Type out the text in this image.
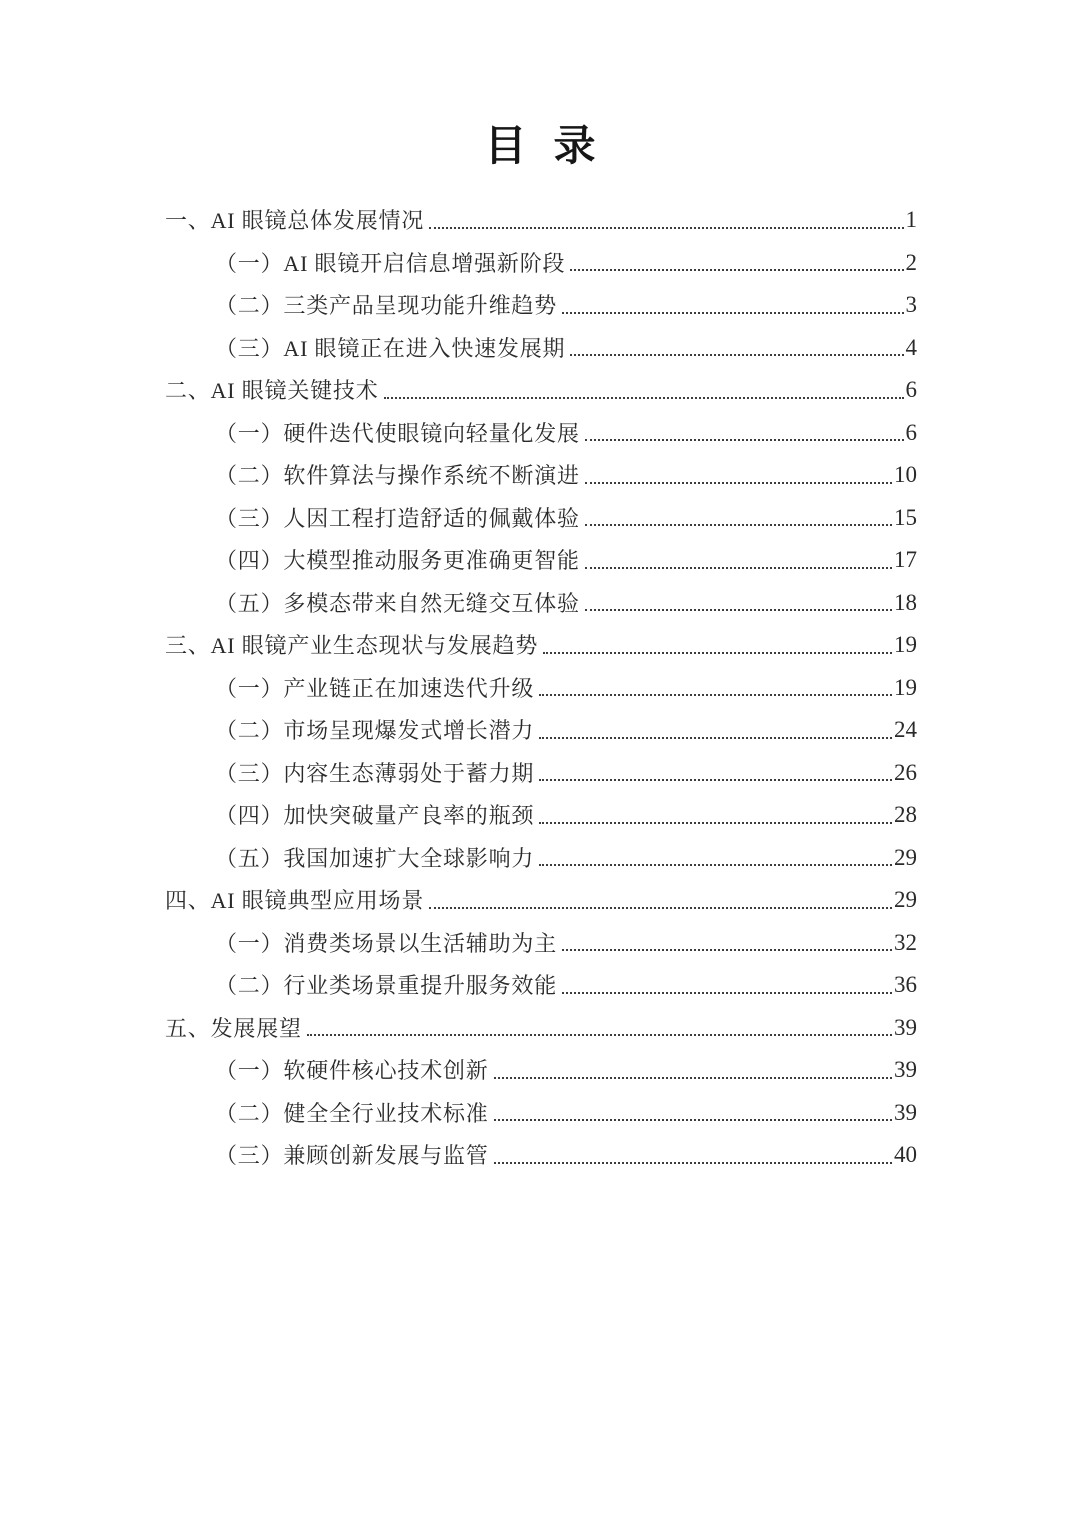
目  录
一、AI 眼镜总体发展情况	1
（一）AI 眼镜开启信息增强新阶段	2
（二）三类产品呈现功能升维趋势	3
（三）AI 眼镜正在进入快速发展期	4
二、AI 眼镜关键技术	6
（一）硬件迭代使眼镜向轻量化发展	6
（二）软件算法与操作系统不断演进	10
（三）人因工程打造舒适的佩戴体验	15
（四）大模型推动服务更准确更智能	17
（五）多模态带来自然无缝交互体验	18
三、AI 眼镜产业生态现状与发展趋势	19
（一）产业链正在加速迭代升级	19
（二）市场呈现爆发式增长潜力	24
（三）内容生态薄弱处于蓄力期	26
（四）加快突破量产良率的瓶颈	28
（五）我国加速扩大全球影响力	29
四、AI 眼镜典型应用场景	29
（一）消费类场景以生活辅助为主	32
（二）行业类场景重提升服务效能	36
五、发展展望	39
（一）软硬件核心技术创新	39
（二）健全全行业技术标准	39
（三）兼顾创新发展与监管	40
